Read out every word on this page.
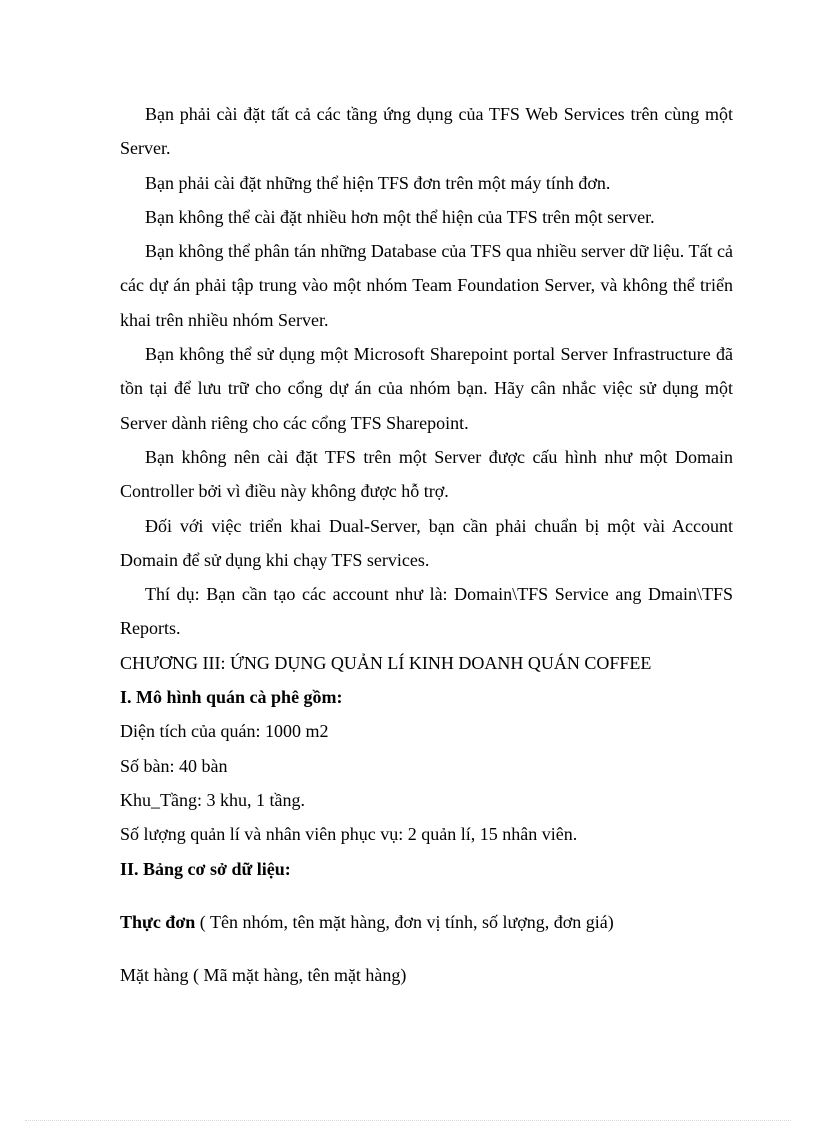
Bạn phải cài đặt tất cả các tầng ứng dụng của TFS Web Services trên cùng một Server.

Bạn phải cài đặt những thể hiện TFS đơn trên một máy tính đơn.

Bạn không thể cài đặt nhiều hơn một thể hiện của TFS trên một server.

Bạn không thể phân tán những Database của TFS qua nhiều server dữ liệu. Tất cả các dự án phải tập trung vào một nhóm Team Foundation Server, và không thể triển khai trên nhiều nhóm Server.

Bạn không thể sử dụng một Microsoft Sharepoint portal Server Infrastructure đã tồn tại để lưu trữ cho cổng dự án của nhóm bạn. Hãy cân nhắc việc sử dụng một Server dành riêng cho các cổng TFS Sharepoint.

Bạn không nên cài đặt TFS trên một Server được cấu hình như một Domain Controller bởi vì điều này không được hỗ trợ.

Đối với việc triển khai Dual-Server, bạn cần phải chuẩn bị một vài Account Domain để sử dụng khi chạy TFS services.

Thí dụ: Bạn cần tạo các account như là: Domain\TFS Service ang Dmain\TFS Reports.

CHƯƠNG III: ỨNG DỤNG QUẢN LÍ KINH DOANH QUÁN COFFEE

I. Mô hình quán cà phê gồm:

Diện tích của quán: 1000 m2

Số bàn: 40 bàn

Khu_Tầng: 3 khu, 1 tầng.

Số lượng quản lí và nhân viên phục vụ: 2 quản lí, 15 nhân viên.

II. Bảng cơ sở dữ liệu:

Thực đơn ( Tên nhóm, tên mặt hàng, đơn vị tính, số lượng, đơn giá)

Mặt hàng ( Mã mặt hàng, tên mặt hàng)
